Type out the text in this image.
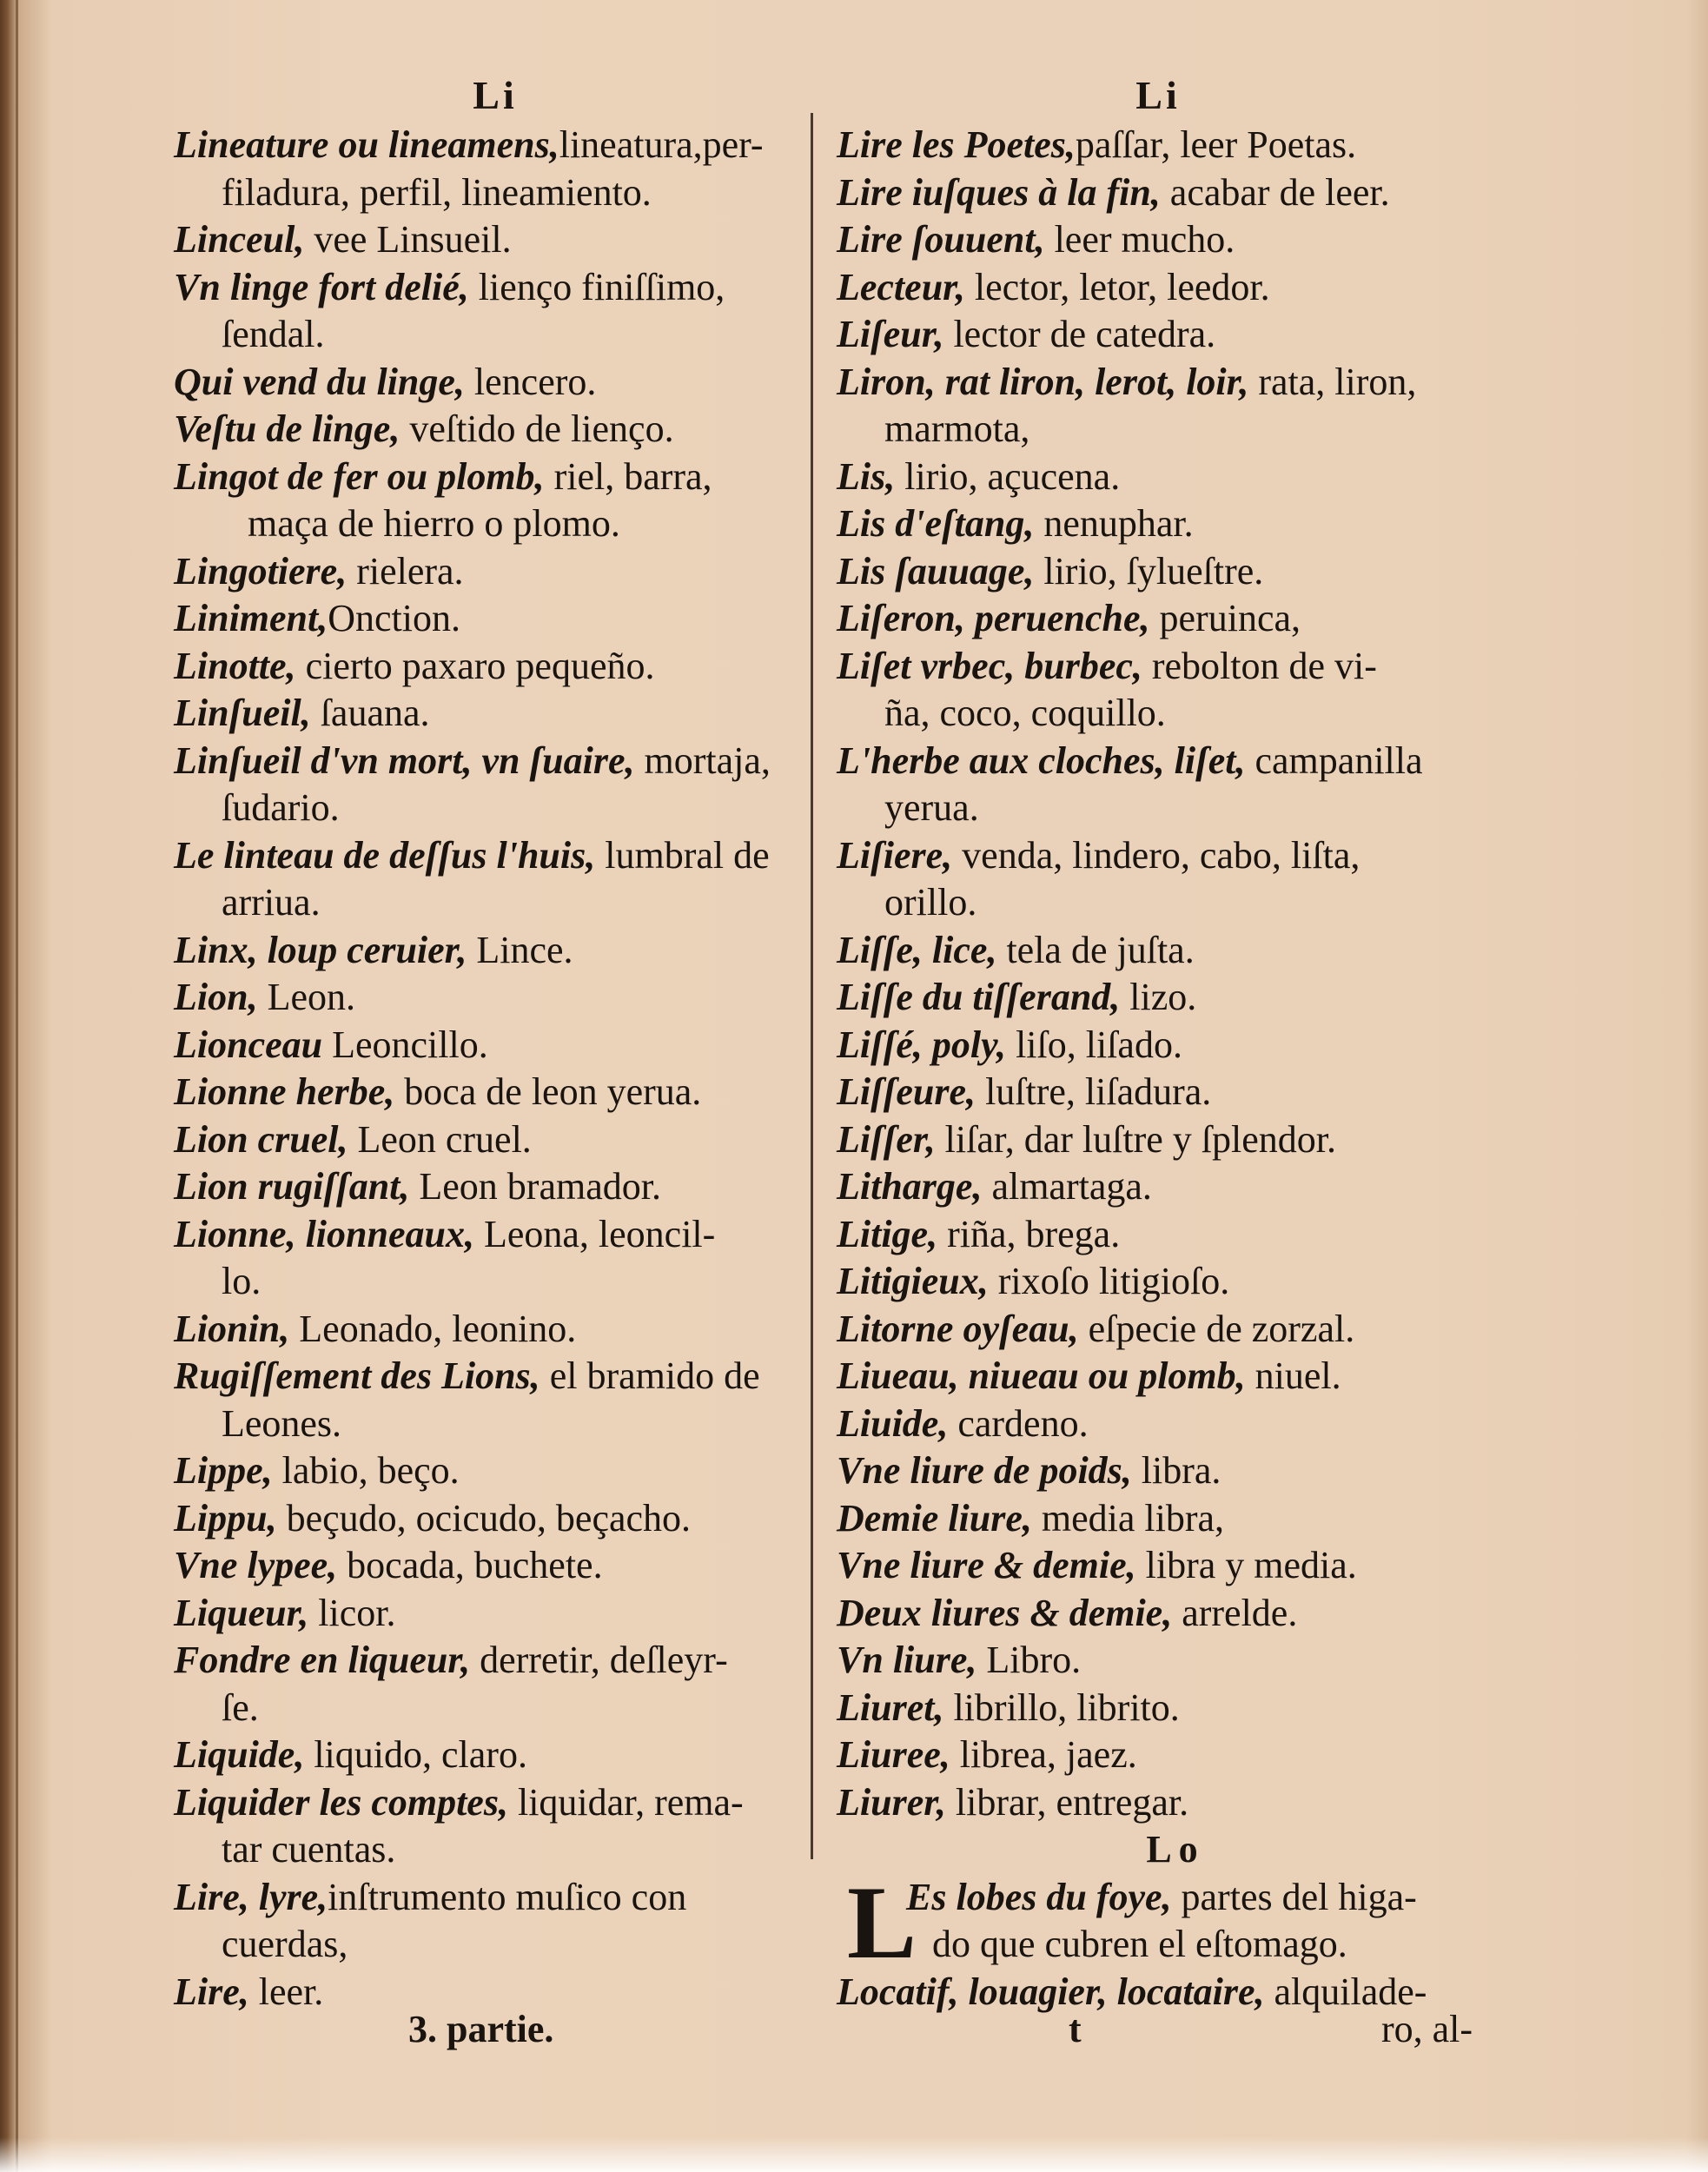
Li
Lineature ou lineamens,lineatura,per-
filadura, perfil, lineamiento.
Linceul, vee Linsueil.
Vn linge fort delié, lienço finiſſimo,
ſendal.
Qui vend du linge, lencero.
Veſtu de linge, veſtido de lienço.
Lingot de fer ou plomb, riel, barra,
maça de hierro o plomo.
Lingotiere, rielera.
Liniment,Onction.
Linotte, cierto paxaro pequeño.
Linſueil, ſauana.
Linſueil d'vn mort, vn ſuaire, mortaja,
ſudario.
Le linteau de deſſus l'huis, lumbral de
arriua.
Linx, loup ceruier, Lince.
Lion, Leon.
Lionceau Leoncillo.
Lionne herbe, boca de leon yerua.
Lion cruel, Leon cruel.
Lion rugiſſant, Leon bramador.
Lionne, lionneaux, Leona, leoncil-
lo.
Lionin, Leonado, leonino.
Rugiſſement des Lions, el bramido de
Leones.
Lippe, labio, beço.
Lippu, beçudo, ocicudo, beçacho.
Vne lypee, bocada, buchete.
Liqueur, licor.
Fondre en liqueur, derretir, deſleyr-
ſe.
Liquide, liquido, claro.
Liquider les comptes, liquidar, rema-
tar cuentas.
Lire, lyre,inſtrumento muſico con
cuerdas,
Lire, leer.
Li
Lire les Poetes,paſſar, leer Poetas.
Lire iuſques à la fin, acabar de leer.
Lire ſouuent, leer mucho.
Lecteur, lector, letor, leedor.
Liſeur, lector de catedra.
Liron, rat liron, lerot, loir, rata, liron,
marmota,
Lis, lirio, açucena.
Lis d'eſtang, nenuphar.
Lis ſauuage, lirio, ſylueſtre.
Liſeron, peruenche, peruinca,
Liſet vrbec, burbec, rebolton de vi-
ña, coco, coquillo.
L'herbe aux cloches, liſet, campanilla
yerua.
Liſiere, venda, lindero, cabo, liſta,
orillo.
Liſſe, lice, tela de juſta.
Liſſe du tiſſerand, lizo.
Liſſé, poly, liſo, liſado.
Liſſeure, luſtre, liſadura.
Liſſer, liſar, dar luſtre y ſplendor.
Litharge, almartaga.
Litige, riña, brega.
Litigieux, rixoſo litigioſo.
Litorne oyſeau, eſpecie de zorzal.
Liueau, niueau ou plomb, niuel.
Liuide, cardeno.
Vne liure de poids, libra.
Demie liure, media libra,
Vne liure & demie, libra y media.
Deux liures & demie, arrelde.
Vn liure, Libro.
Liuret, librillo, librito.
Liuree, librea, jaez.
Liurer, librar, entregar.
Lo
L
Es lobes du foye, partes del higa-
do que cubren el eſtomago.
Locatif, louagier, locataire, alquilade-
3. partie.	t	ro, al-
